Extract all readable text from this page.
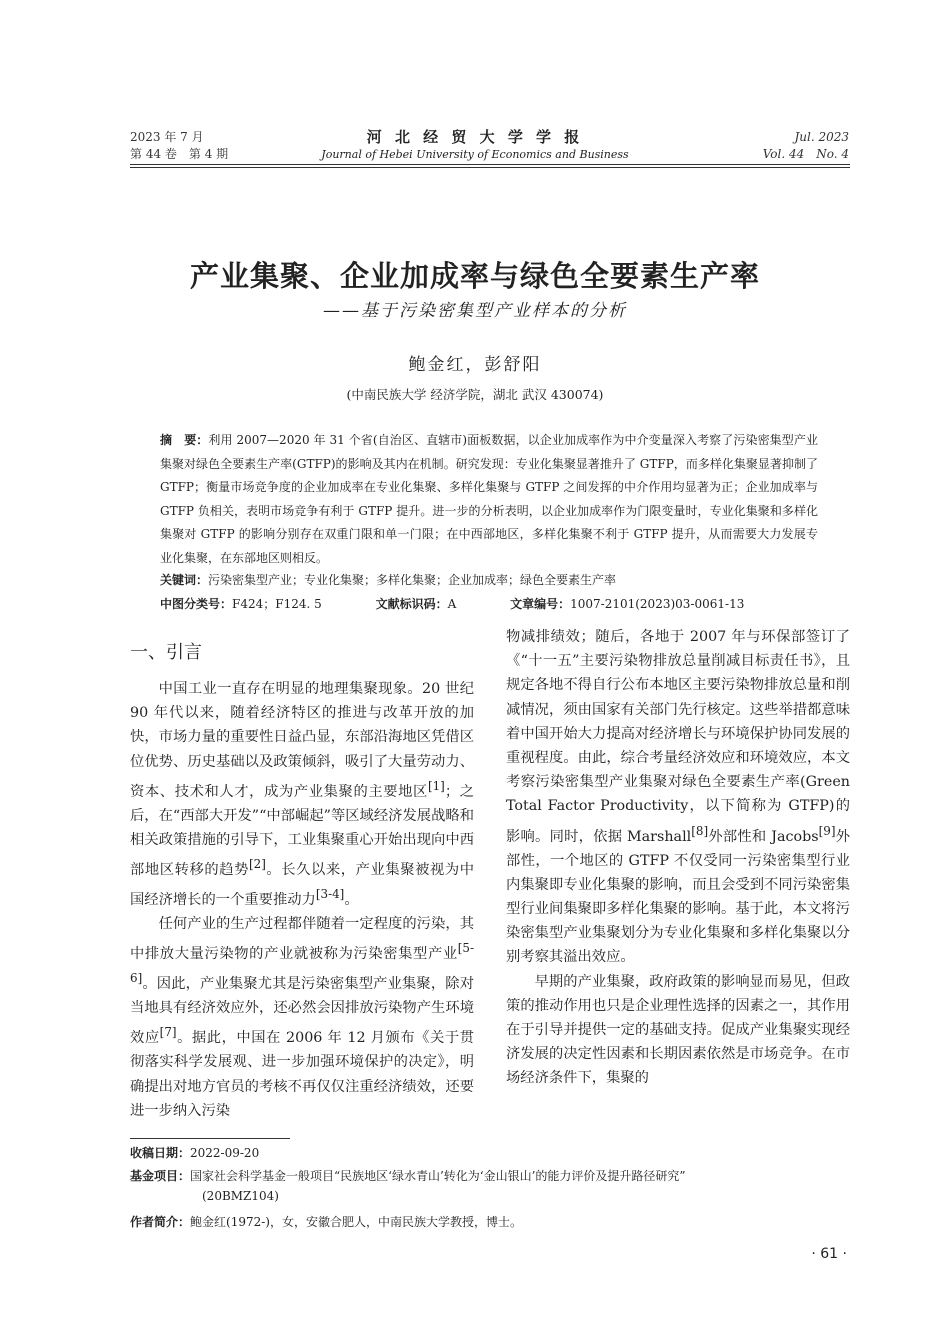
2023 年 7 月
第 44 卷　第 4 期
河 北 经 贸 大 学 学 报
Journal of Hebei University of Economics and Business
Jul. 2023
Vol. 44　No. 4
产业集聚、企业加成率与绿色全要素生产率
——基于污染密集型产业样本的分析
鲍金红，彭舒阳
(中南民族大学 经济学院，湖北 武汉 430074)
摘　要：利用 2007—2020 年 31 个省(自治区、直辖市)面板数据，以企业加成率作为中介变量深入考察了污染密集型产业集聚对绿色全要素生产率(GTFP)的影响及其内在机制。研究发现：专业化集聚显著推升了 GTFP，而多样化集聚显著抑制了 GTFP；衡量市场竞争度的企业加成率在专业化集聚、多样化集聚与 GTFP 之间发挥的中介作用均显著为正；企业加成率与 GTFP 负相关，表明市场竞争有利于 GTFP 提升。进一步的分析表明，以企业加成率作为门限变量时，专业化集聚和多样化集聚对 GTFP 的影响分别存在双重门限和单一门限；在中西部地区，多样化集聚不利于 GTFP 提升，从而需要大力发展专业化集聚，在东部地区则相反。
关键词：污染密集型产业；专业化集聚；多样化集聚；企业加成率；绿色全要素生产率
中图分类号：F424；F124. 5	文献标识码：A	文章编号：1007-2101(2023)03-0061-13
一、引言

中国工业一直存在明显的地理集聚现象。20 世纪 90 年代以来，随着经济特区的推进与改革开放的加快，市场力量的重要性日益凸显，东部沿海地区凭借区位优势、历史基础以及政策倾斜，吸引了大量劳动力、资本、技术和人才，成为产业集聚的主要地区[1]；之后，在“西部大开发”“中部崛起”等区域经济发展战略和相关政策措施的引导下，工业集聚重心开始出现向中西部地区转移的趋势[2]。长久以来，产业集聚被视为中国经济增长的一个重要推动力[3-4]。

任何产业的生产过程都伴随着一定程度的污染，其中排放大量污染物的产业就被称为污染密集型产业[5-6]。因此，产业集聚尤其是污染密集型产业集聚，除对当地具有经济效应外，还必然会因排放污染物产生环境效应[7]。据此，中国在 2006 年 12 月颁布《关于贯彻落实科学发展观、进一步加强环境保护的决定》，明确提出对地方官员的考核不再仅仅注重经济绩效，还要进一步纳入污染

物减排绩效；随后，各地于 2007 年与环保部签订了《“十一五”主要污染物排放总量削减目标责任书》，且规定各地不得自行公布本地区主要污染物排放总量和削减情况，须由国家有关部门先行核定。这些举措都意味着中国开始大力提高对经济增长与环境保护协同发展的重视程度。由此，综合考量经济效应和环境效应，本文考察污染密集型产业集聚对绿色全要素生产率(Green Total Factor Productivity，以下简称为 GTFP)的影响。同时，依据 Marshall[8]外部性和 Jacobs[9]外部性，一个地区的 GTFP 不仅受同一污染密集型行业内集聚即专业化集聚的影响，而且会受到不同污染密集型行业间集聚即多样化集聚的影响。基于此，本文将污染密集型产业集聚划分为专业化集聚和多样化集聚以分别考察其溢出效应。

早期的产业集聚，政府政策的影响显而易见，但政策的推动作用也只是企业理性选择的因素之一，其作用在于引导并提供一定的基础支持。促成产业集聚实现经济发展的决定性因素和长期因素依然是市场竞争。在市场经济条件下，集聚的

收稿日期：2022-09-20
基金项目：国家社会科学基金一般项目“民族地区‘绿水青山’转化为‘金山银山’的能力评价及提升路径研究”
(20BMZ104)
作者简介：鲍金红(1972-)，女，安徽合肥人，中南民族大学教授，博士。
· 61 ·
